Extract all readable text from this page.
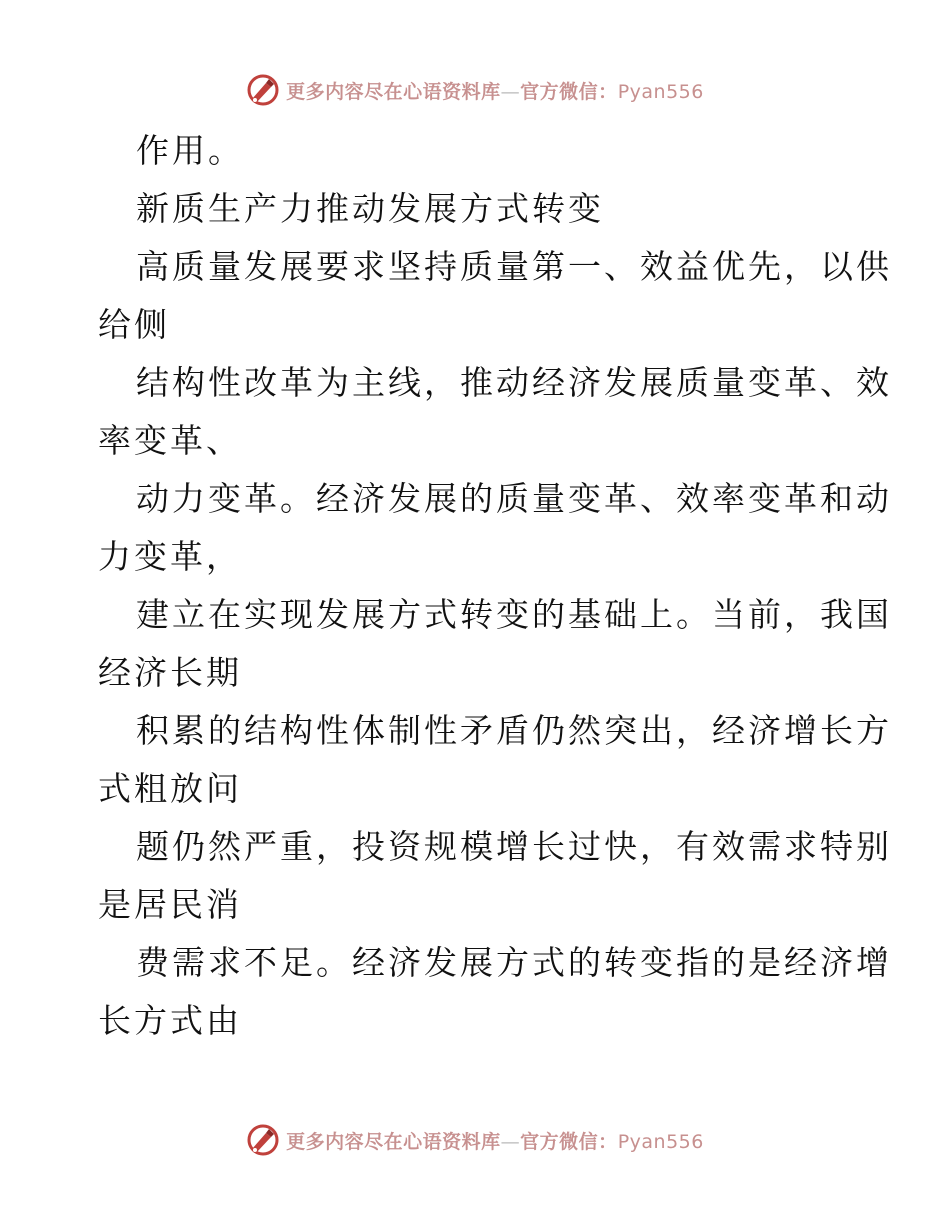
更多内容尽在心语资料库—官方微信：Pyan556
作用。
新质生产力推动发展方式转变
高质量发展要求坚持质量第一、效益优先，以供
给侧
结构性改革为主线，推动经济发展质量变革、效
率变革、
动力变革。经济发展的质量变革、效率变革和动
力变革，
建立在实现发展方式转变的基础上。当前，我国
经济长期
积累的结构性体制性矛盾仍然突出，经济增长方
式粗放问
题仍然严重，投资规模增长过快，有效需求特别
是居民消
费需求不足。经济发展方式的转变指的是经济增
长方式由
更多内容尽在心语资料库—官方微信：Pyan556
